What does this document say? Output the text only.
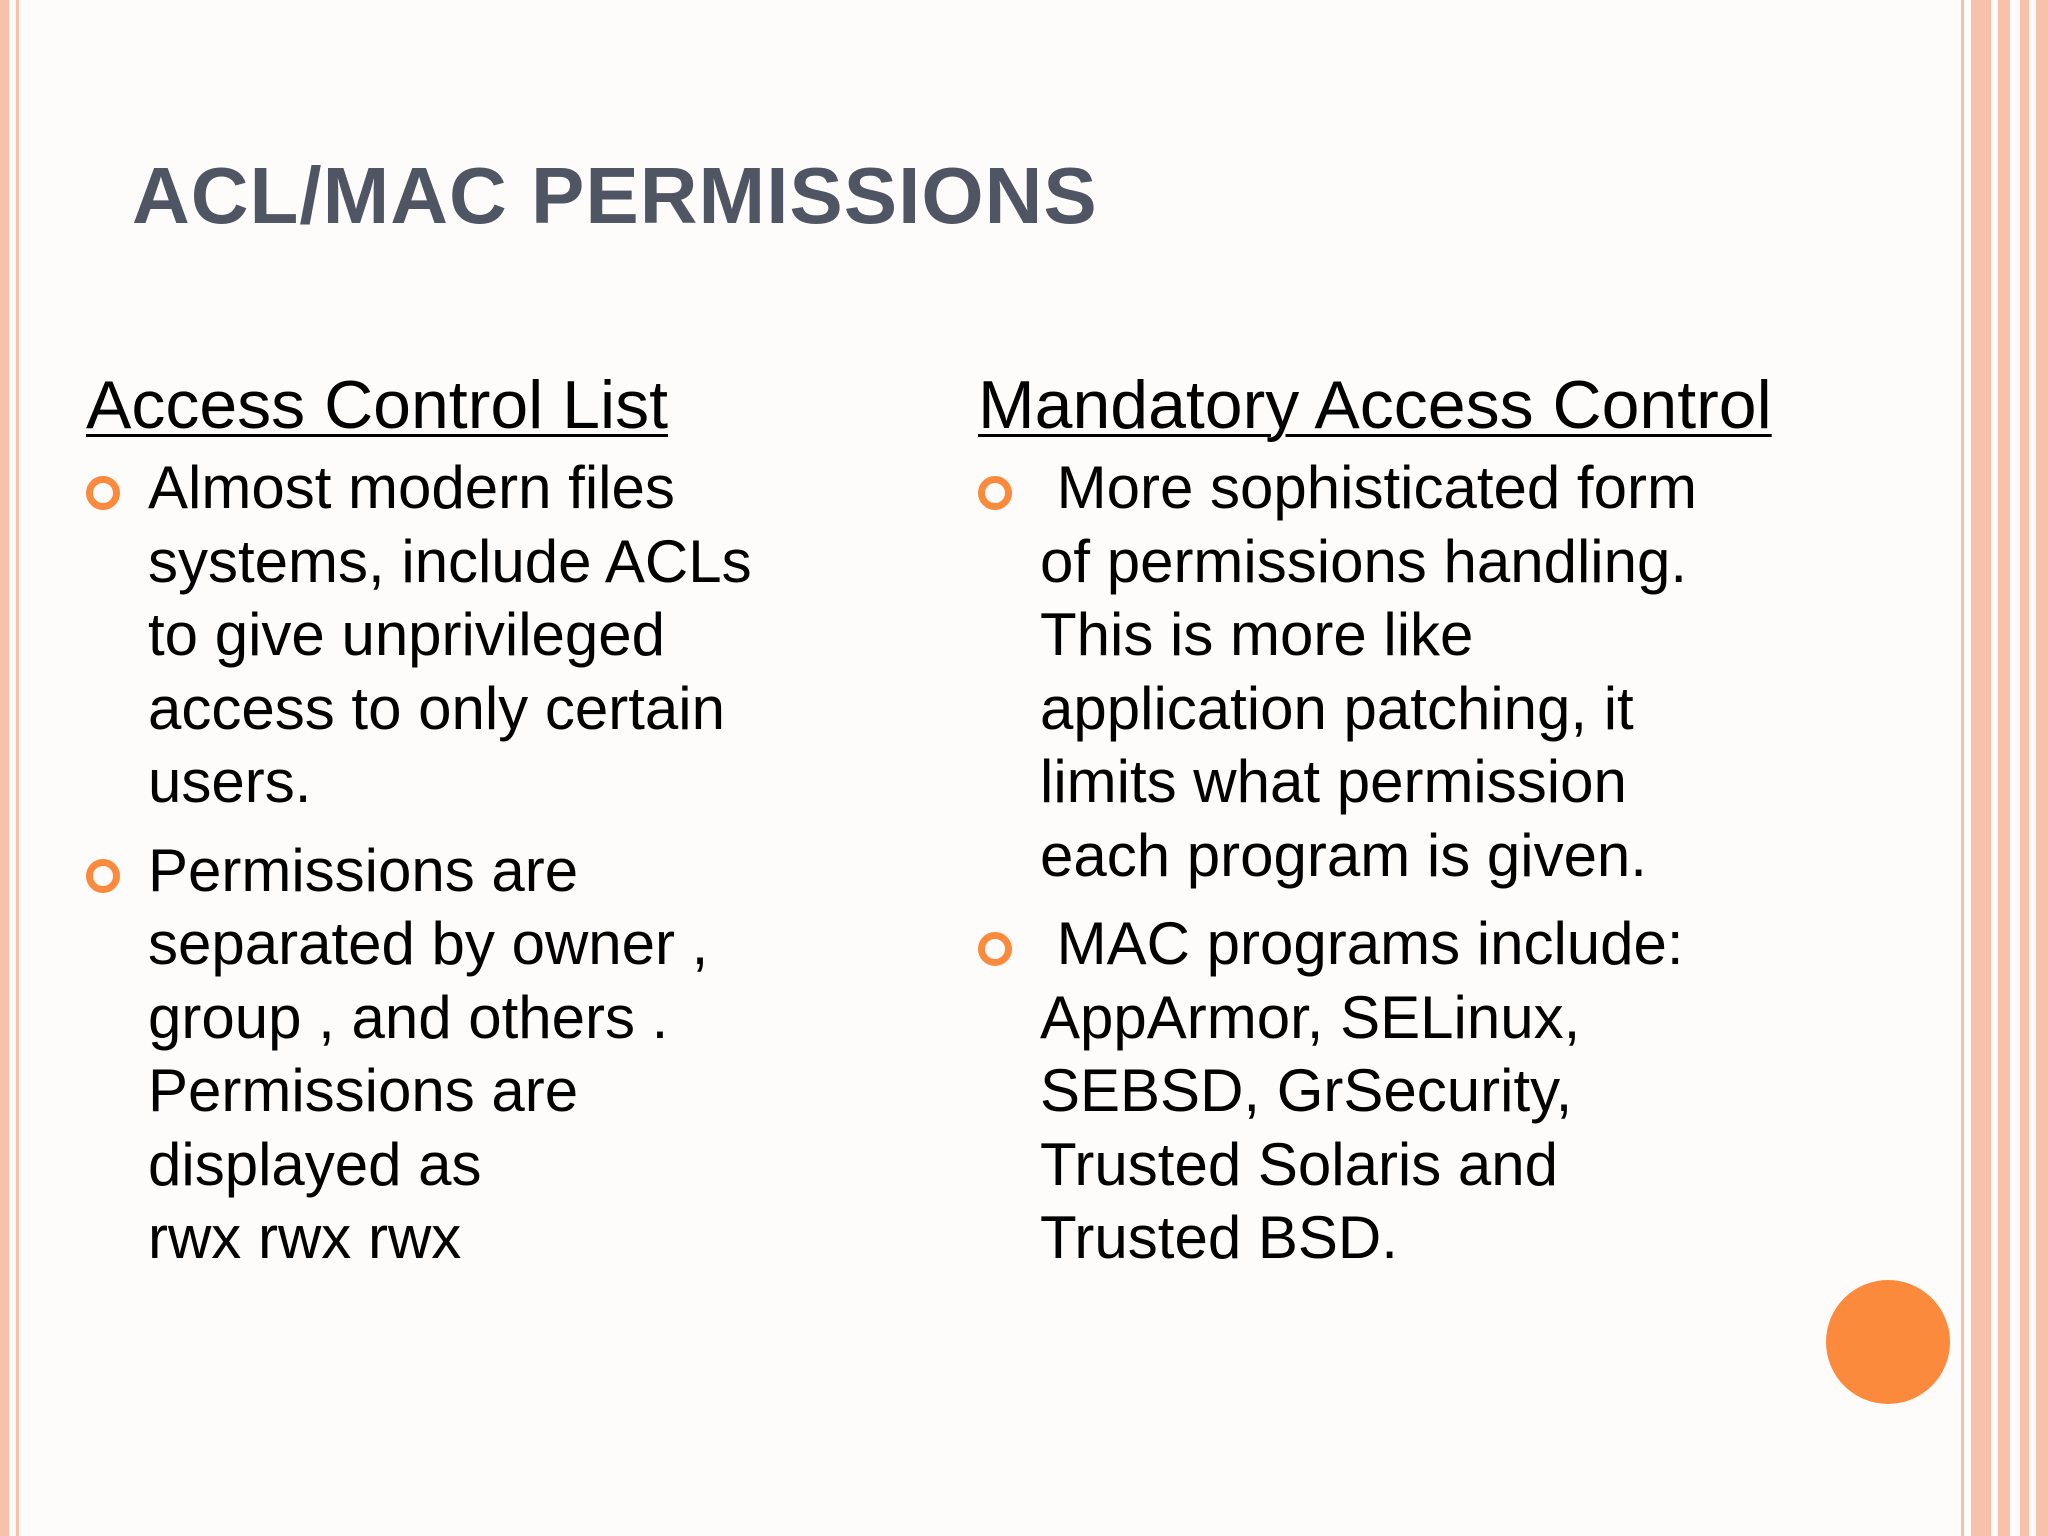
ACL/MAC PERMISSIONS
Access Control List
Almost modern files
systems, include ACLs
to give unprivileged
access to only certain
users.
Permissions are
separated by owner ,
group , and others .
Permissions are
displayed as
rwx rwx rwx
Mandatory Access Control
More sophisticated form
of permissions handling.
This is more like
application patching, it
limits what permission
each program is given.
MAC programs include:
AppArmor, SELinux,
SEBSD, GrSecurity,
Trusted Solaris and
Trusted BSD.
